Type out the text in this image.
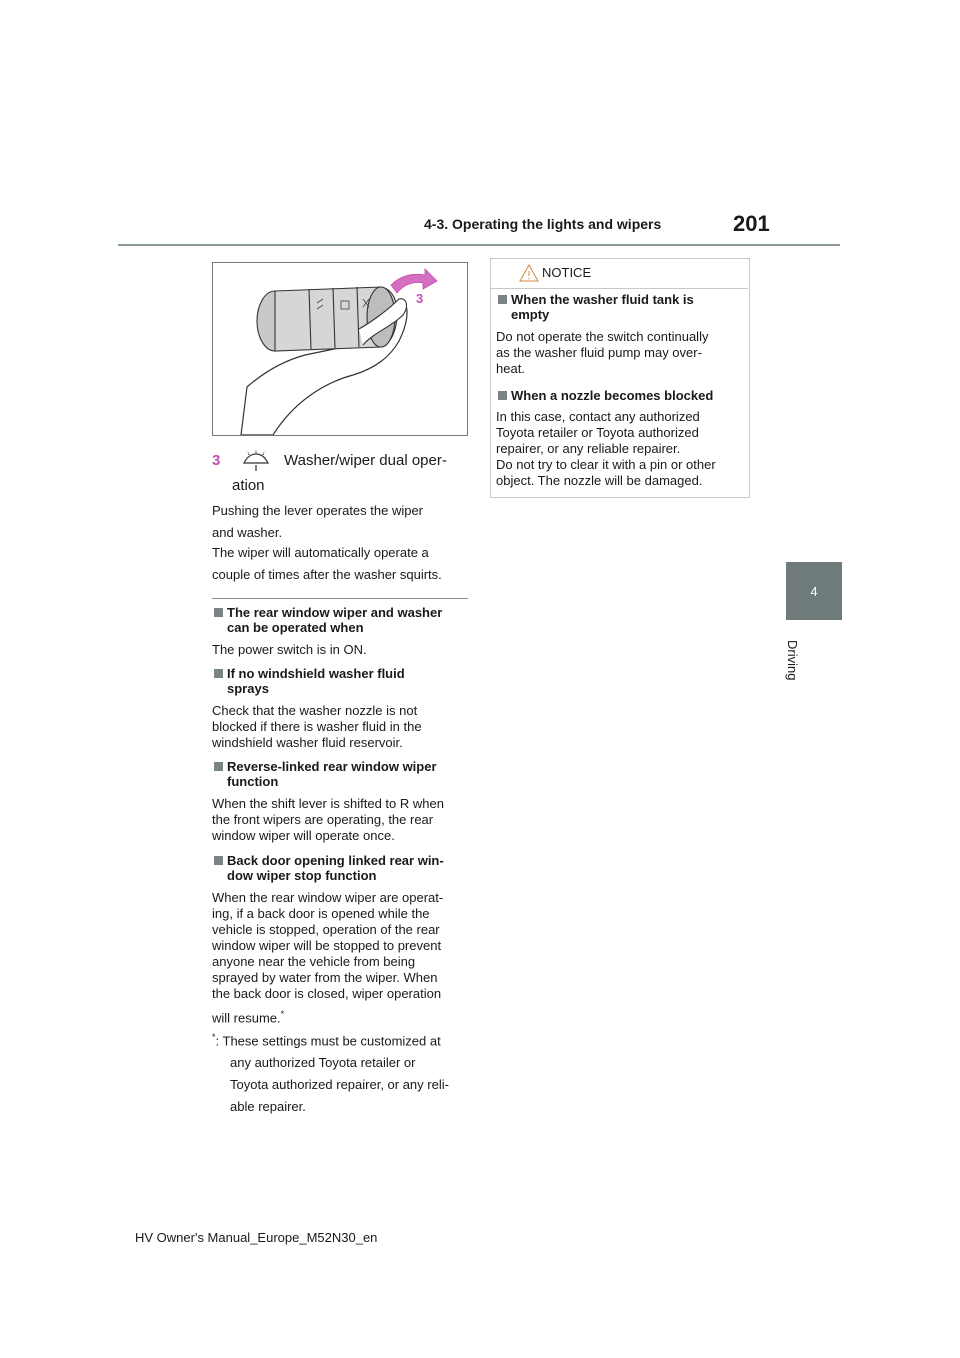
4-3. Operating the lights and wipers	201
4
Driving
3
3	Washer/wiper dual oper-
ation
Pushing the lever operates the wiper
and washer.
The wiper will automatically operate a
couple of times after the washer squirts.
The rear window wiper and washer
can be operated when
The power switch is in ON.
If no windshield washer fluid
sprays
Check that the washer nozzle is not
blocked if there is washer fluid in the
windshield washer fluid reservoir.
Reverse-linked rear window wiper
function
When the shift lever is shifted to R when
the front wipers are operating, the rear
window wiper will operate once.
Back door opening linked rear win-
dow wiper stop function
When the rear window wiper are operat-
ing, if a back door is opened while the
vehicle is stopped, operation of the rear
window wiper will be stopped to prevent
anyone near the vehicle from being
sprayed by water from the wiper. When
the back door is closed, wiper operation
will resume.*
*: These settings must be customized at
any authorized Toyota retailer or
Toyota authorized repairer, or any reli-
able repairer.
NOTICE
When the washer fluid tank is
empty
Do not operate the switch continually
as the washer fluid pump may over-
heat.
When a nozzle becomes blocked
In this case, contact any authorized
Toyota retailer or Toyota authorized
repairer, or any reliable repairer.
Do not try to clear it with a pin or other
object. The nozzle will be damaged.
HV Owner's Manual_Europe_M52N30_en
